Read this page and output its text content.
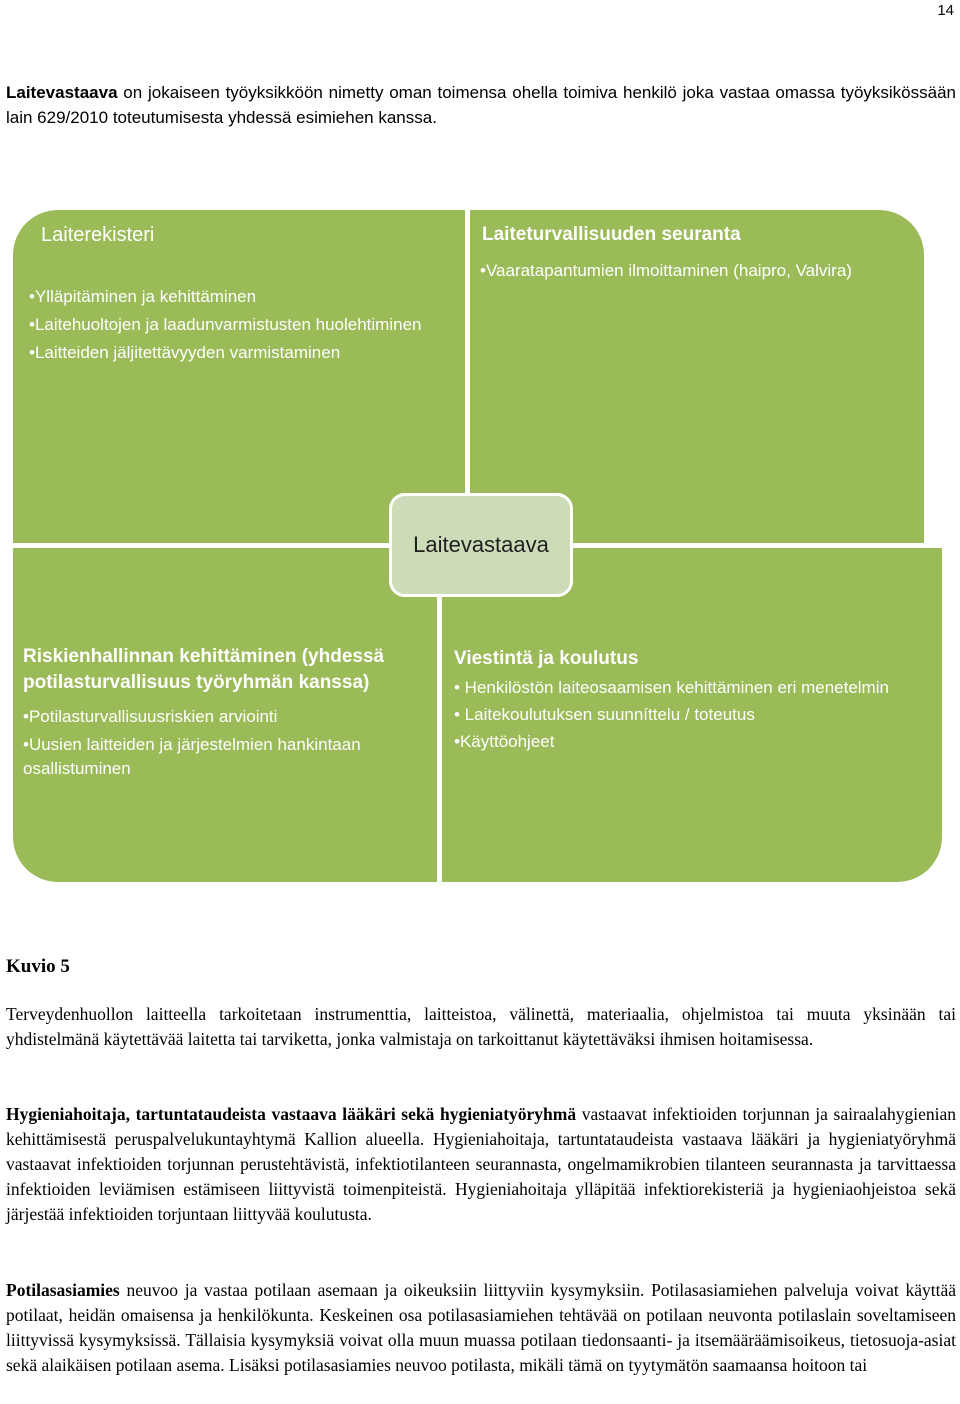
14

Laitevastaava on jokaiseen työyksikköön nimetty oman toimensa ohella toimiva henkilö joka vastaa omassa työyksikössään lain 629/2010 toteutumisesta yhdessä esimiehen kanssa.

Laiterekisteri
•Ylläpitäminen ja kehittäminen
•Laitehuoltojen ja laadunvarmistusten huolehtiminen
•Laitteiden jäljitettävyyden varmistaminen
Laiteturvallisuuden seuranta
•Vaaratapantumien ilmoittaminen (haipro, Valvira)
Riskienhallinnan kehittäminen (yhdessä potilasturvallisuus työryhmän kanssa)
•Potilasturvallisuusriskien arviointi
•Uusien laitteiden ja järjestelmien hankintaan osallistuminen
Viestintä ja koulutus
• Henkilöstön laiteosaamisen kehittäminen eri menetelmin
• Laitekoulutuksen suunníttelu / toteutus
•Käyttöohjeet
Laitevastaava
Kuvio 5

Terveydenhuollon laitteella tarkoitetaan instrumenttia, laitteistoa, välinettä, materiaalia, ohjelmistoa tai muuta yksinään tai yhdistelmänä käytettävää laitetta tai tarviketta, jonka valmistaja on tarkoittanut käytettäväksi ihmisen hoitamisessa.

Hygieniahoitaja, tartuntataudeista vastaava lääkäri sekä hygieniatyöryhmä vastaavat infektioiden torjunnan ja sairaalahygienian kehittämisestä peruspalvelukuntayhtymä Kallion alueella. Hygieniahoitaja, tartuntataudeista vastaava lääkäri ja hygieniatyöryhmä vastaavat infektioiden torjunnan perustehtävistä, infektiotilanteen seurannasta, ongelmamikrobien tilanteen seurannasta ja tarvittaessa infektioiden leviämisen estämiseen liittyvistä toimenpiteistä. Hygieniahoitaja ylläpitää infektiorekisteriä ja hygieniaohjeistoa sekä järjestää infektioiden torjuntaan liittyvää koulutusta.

Potilasasiamies neuvoo ja vastaa potilaan asemaan ja oikeuksiin liittyviin kysymyksiin. Potilasasiamiehen palveluja voivat käyttää potilaat, heidän omaisensa ja henkilökunta. Keskeinen osa potilasasiamiehen tehtävää on potilaan neuvonta potilaslain soveltamiseen liittyvissä kysymyksissä. Tällaisia kysymyksiä voivat olla muun muassa potilaan tiedonsaanti- ja itsemääräämisoikeus, tietosuoja-asiat sekä alaikäisen potilaan asema. Lisäksi potilasasiamies neuvoo potilasta, mikäli tämä on tyytymätön saamaansa hoitoon tai
